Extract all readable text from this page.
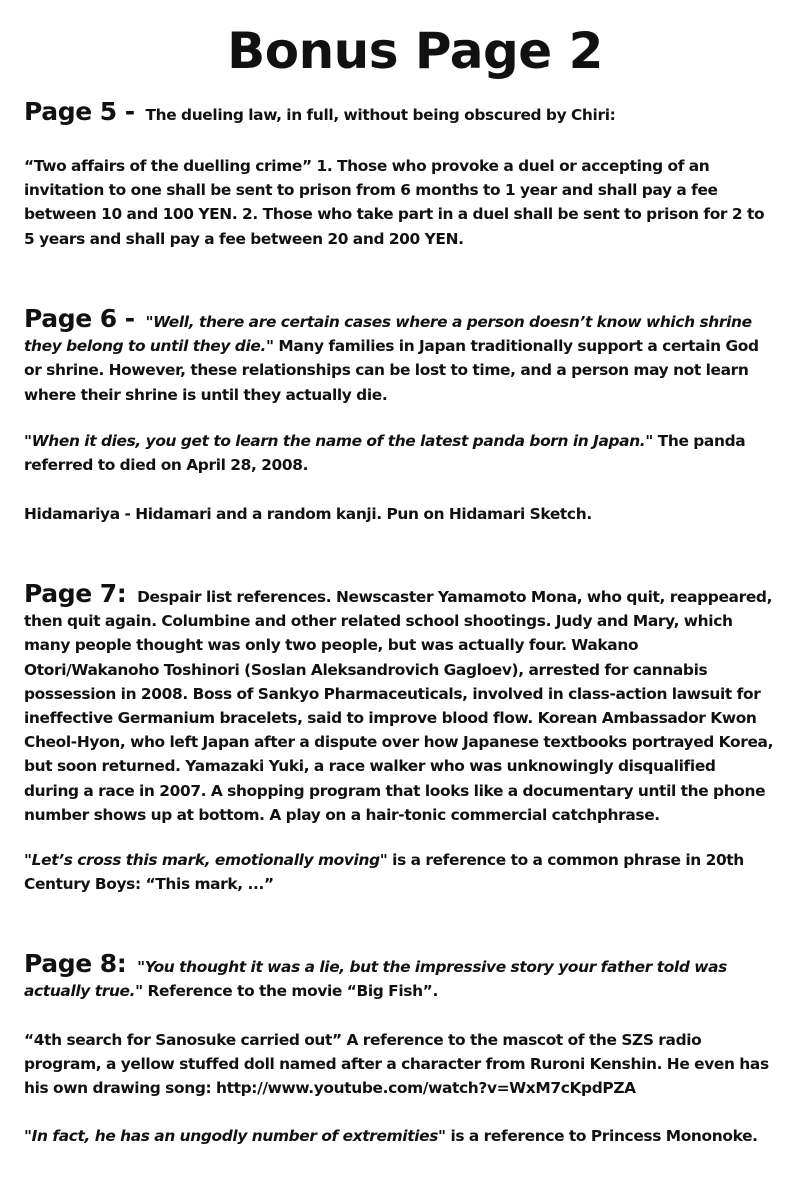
Bonus Page 2

Page 5 - The dueling law, in full, without being obscured by Chiri:

“Two affairs of the duelling crime” 1. Those who provoke a duel or accepting of an invitation to one shall be sent to prison from 6 months to 1 year and shall pay a fee between 10 and 100 YEN. 2. Those who take part in a duel shall be sent to prison for 2 to 5 years and shall pay a fee between 20 and 200 YEN.

Page 6 - "Well, there are certain cases where a person doesn’t know which shrine they belong to until they die." Many families in Japan traditionally support a certain God or shrine. However, these relationships can be lost to time, and a person may not learn where their shrine is until they actually die.

"When it dies, you get to learn the name of the latest panda born in Japan." The panda referred to died on April 28, 2008.

Hidamariya - Hidamari and a random kanji. Pun on Hidamari Sketch.

Page 7: Despair list references. Newscaster Yamamoto Mona, who quit, reappeared, then quit again. Columbine and other related school shootings. Judy and Mary, which many people thought was only two people, but was actually four. Wakano Otori/Wakanoho Toshinori (Soslan Aleksandrovich Gagloev), arrested for cannabis possession in 2008. Boss of Sankyo Pharmaceuticals, involved in class-action lawsuit for ineffective Germanium bracelets, said to improve blood flow. Korean Ambassador Kwon Cheol-Hyon, who left Japan after a dispute over how Japanese textbooks portrayed Korea, but soon returned. Yamazaki Yuki, a race walker who was unknowingly disqualified during a race in 2007. A shopping program that looks like a documentary until the phone number shows up at bottom. A play on a hair-tonic commercial catchphrase.

"Let’s cross this mark, emotionally moving" is a reference to a common phrase in 20th Century Boys: “This mark, ...”

Page 8: "You thought it was a lie, but the impressive story your father told was actually true." Reference to the movie “Big Fish”.

“4th search for Sanosuke carried out” A reference to the mascot of the SZS radio program, a yellow stuffed doll named after a character from Ruroni Kenshin. He even has his own drawing song: http://www.youtube.com/watch?v=WxM7cKpdPZA

"In fact, he has an ungodly number of extremities" is a reference to Princess Mononoke.
